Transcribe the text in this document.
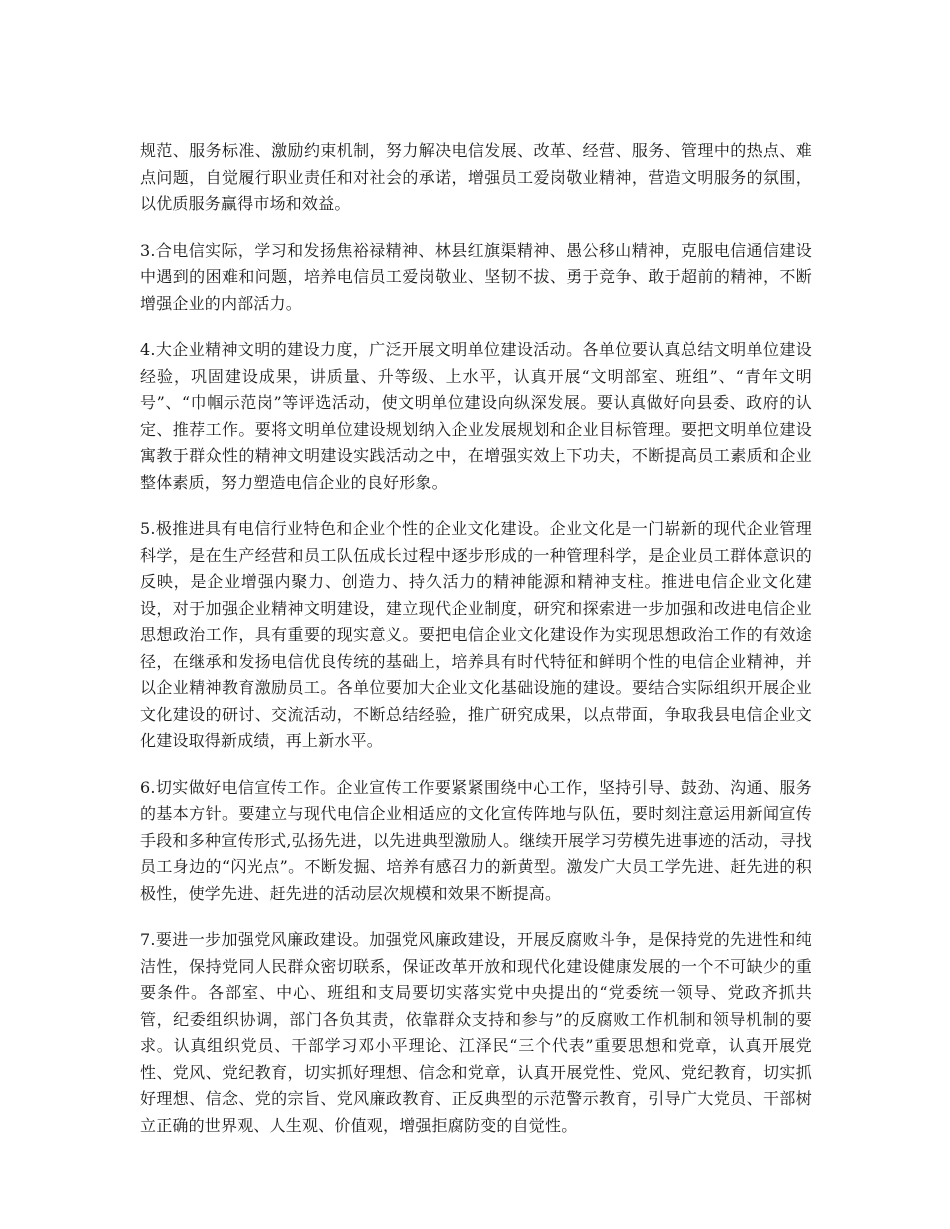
规范、服务标准、激励约束机制，努力解决电信发展、改革、经营、服务、管理中的热点、难点问题，自觉履行职业责任和对社会的承诺，增强员工爱岗敬业精神，营造文明服务的氛围，以优质服务赢得市场和效益。

3.合电信实际，学习和发扬焦裕禄精神、林县红旗渠精神、愚公移山精神，克服电信通信建设中遇到的困难和问题，培养电信员工爱岗敬业、坚韧不拔、勇于竞争、敢于超前的精神，不断增强企业的内部活力。

4.大企业精神文明的建设力度，广泛开展文明单位建设活动。各单位要认真总结文明单位建设经验，巩固建设成果，讲质量、升等级、上水平，认真开展“文明部室、班组”、“青年文明号”、“巾帼示范岗”等评选活动，使文明单位建设向纵深发展。要认真做好向县委、政府的认定、推荐工作。要将文明单位建设规划纳入企业发展规划和企业目标管理。要把文明单位建设寓教于群众性的精神文明建设实践活动之中，在增强实效上下功夫，不断提高员工素质和企业整体素质，努力塑造电信企业的良好形象。

5.极推进具有电信行业特色和企业个性的企业文化建设。企业文化是一门崭新的现代企业管理科学，是在生产经营和员工队伍成长过程中逐步形成的一种管理科学，是企业员工群体意识的反映，是企业增强内聚力、创造力、持久活力的精神能源和精神支柱。推进电信企业文化建设，对于加强企业精神文明建设，建立现代企业制度，研究和探索进一步加强和改进电信企业思想政治工作，具有重要的现实意义。要把电信企业文化建设作为实现思想政治工作的有效途径，在继承和发扬电信优良传统的基础上，培养具有时代特征和鲜明个性的电信企业精神，并以企业精神教育激励员工。各单位要加大企业文化基础设施的建设。要结合实际组织开展企业文化建设的研讨、交流活动，不断总结经验，推广研究成果，以点带面，争取我县电信企业文化建设取得新成绩，再上新水平。

6.切实做好电信宣传工作。企业宣传工作要紧紧围绕中心工作，坚持引导、鼓劲、沟通、服务的基本方针。要建立与现代电信企业相适应的文化宣传阵地与队伍，要时刻注意运用新闻宣传手段和多种宣传形式,弘扬先进，以先进典型激励人。继续开展学习劳模先进事迹的活动，寻找员工身边的“闪光点”。不断发掘、培养有感召力的新黄型。激发广大员工学先进、赶先进的积极性，使学先进、赶先进的活动层次规模和效果不断提高。

7.要进一步加强党风廉政建设。加强党风廉政建设，开展反腐败斗争，是保持党的先进性和纯洁性，保持党同人民群众密切联系，保证改革开放和现代化建设健康发展的一个不可缺少的重要条件。各部室、中心、班组和支局要切实落实党中央提出的“党委统一领导、党政齐抓共管，纪委组织协调，部门各负其责，依靠群众支持和参与”的反腐败工作机制和领导机制的要求。认真组织党员、干部学习邓小平理论、江泽民“三个代表”重要思想和党章，认真开展党性、党风、党纪教育，切实抓好理想、信念和党章，认真开展党性、党风、党纪教育，切实抓好理想、信念、党的宗旨、党风廉政教育、正反典型的示范警示教育，引导广大党员、干部树立正确的世界观、人生观、价值观，增强拒腐防变的自觉性。
